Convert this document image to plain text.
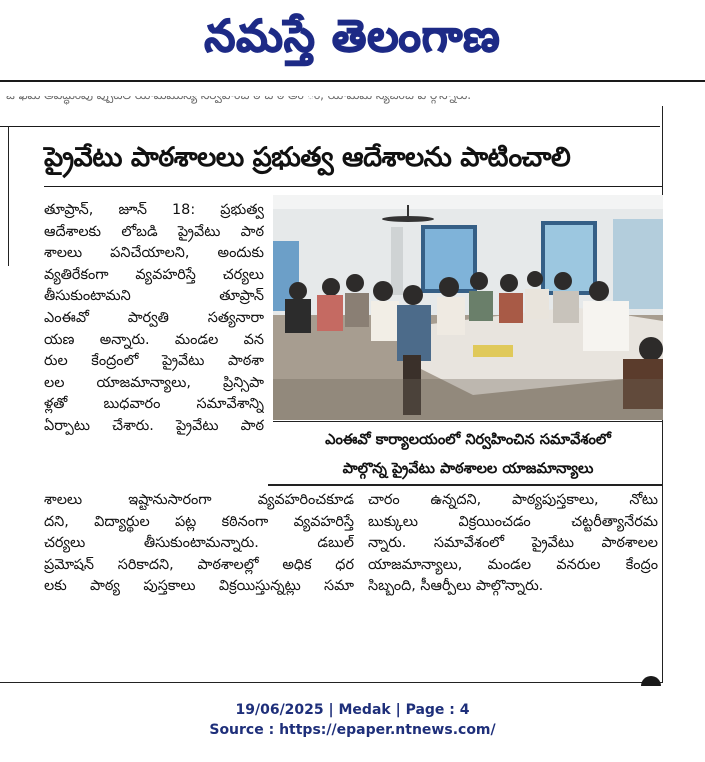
నమస్తే తెలంగాణ
ప్రైవేటు పాఠశాలలు ప్రభుత్వ ఆదేశాలను పాటించాలి

తూప్రాన్, జూన్ 18: ప్రభుత్వ

ఆదేశాలకు లోబడి ప్రైవేటు పాఠ

శాలలు పనిచేయాలని, అందుకు

వ్యతిరేకంగా వ్యవహరిస్తే చర్యలు

తీసుకుంటామని తూప్రాన్

ఎంఈవో పార్వతి సత్యనారా

యణ అన్నారు. మండల వన

రుల కేంద్రంలో ప్రైవేటు పాఠశా

లల యాజమాన్యాలు, ప్రిన్సిపా

ళ్లతో బుధవారం సమావేశాన్ని

ఏర్పాటు చేశారు. ప్రైవేటు పాఠ

ఎంఈవో కార్యాలయంలో నిర్వహించిన సమావేశంలో

పాల్గొన్న ప్రైవేటు పాఠశాలల యాజమాన్యాలు

శాలలు ఇష్టానుసారంగా వ్యవహరించకూడ

దని, విద్యార్థుల పట్ల కఠినంగా వ్యవహరిస్తే

చర్యలు తీసుకుంటామన్నారు. డబుల్

ప్రమోషన్ సరికాదని, పాఠశాలల్లో అధిక ధర

లకు పాఠ్య పుస్తకాలు విక్రయిస్తున్నట్లు సమా

చారం ఉన్నదని, పాఠ్యపుస్తకాలు, నోటు

బుక్కులు విక్రయించడం చట్టరీత్యానేరమ

న్నారు. సమావేశంలో ప్రైవేటు పాఠశాలల

యాజమాన్యాలు, మండల వనరుల కేంద్రం

సిబ్బంది, సీఆర్పీలు పాల్గొన్నారు.

19/06/2025 | Medak | Page : 4
Source : https://epaper.ntnews.com/
